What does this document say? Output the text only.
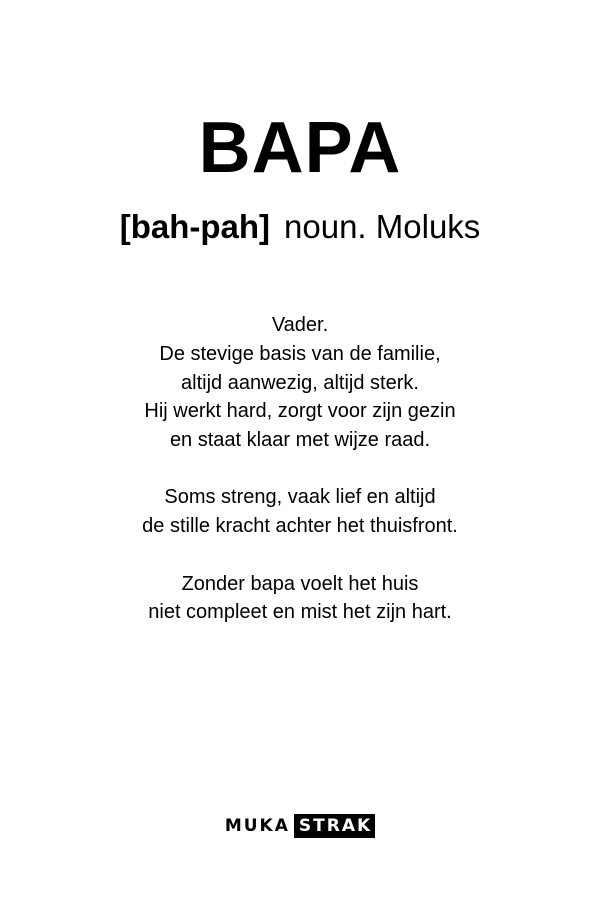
BAPA
[bah-pah] noun. Moluks
Vader.
De stevige basis van de familie,
altijd aanwezig, altijd sterk.
Hij werkt hard, zorgt voor zijn gezin
en staat klaar met wijze raad.
Soms streng, vaak lief en altijd
de stille kracht achter het thuisfront.
Zonder bapa voelt het huis
niet compleet en mist het zijn hart.
MUKA STRAK
